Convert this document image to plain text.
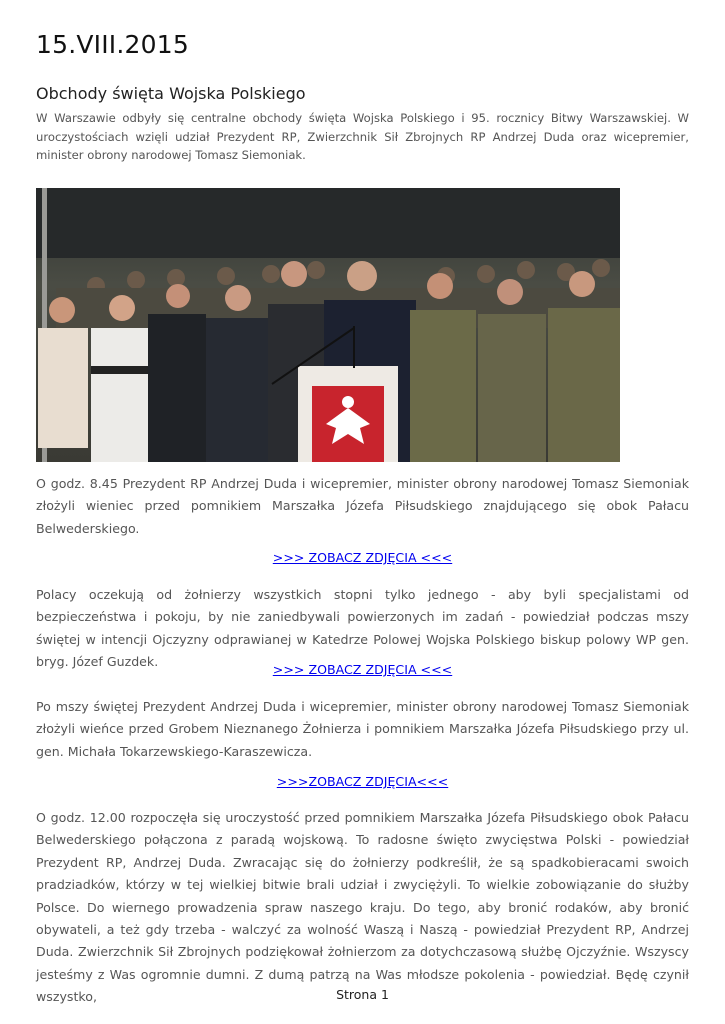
15.VIII.2015
Obchody święta Wojska Polskiego

W Warszawie odbyły się centralne obchody święta Wojska Polskiego i 95. rocznicy Bitwy Warszawskiej. W uroczystościach wzięli udział Prezydent RP, Zwierzchnik Sił Zbrojnych RP Andrzej Duda oraz wicepremier, minister obrony narodowej Tomasz Siemoniak.

O godz. 8.45 Prezydent RP Andrzej Duda i wicepremier, minister obrony narodowej Tomasz Siemoniak złożyli wieniec przed pomnikiem Marszałka Józefa Piłsudskiego znajdującego się obok Pałacu Belwederskiego.

>>> ZOBACZ ZDJĘCIA <<<

Polacy oczekują od żołnierzy wszystkich stopni tylko jednego - aby byli specjalistami od bezpieczeństwa i pokoju, by nie zaniedbywali powierzonych im zadań - powiedział podczas mszy świętej w intencji Ojczyzny odprawianej w Katedrze Polowej Wojska Polskiego biskup polowy WP gen. bryg. Józef Guzdek.

>>> ZOBACZ ZDJĘCIA <<<

Po mszy świętej Prezydent Andrzej Duda i wicepremier, minister obrony narodowej Tomasz Siemoniak złożyli wieńce przed Grobem Nieznanego Żołnierza i pomnikiem Marszałka Józefa Piłsudskiego przy ul. gen. Michała Tokarzewskiego-Karaszewicza.

>>>ZOBACZ ZDJĘCIA<<<

O godz. 12.00 rozpoczęła się uroczystość przed pomnikiem Marszałka Józefa Piłsudskiego obok Pałacu Belwederskiego połączona z paradą wojskową. To radosne święto zwycięstwa Polski - powiedział Prezydent RP, Andrzej Duda. Zwracając się do żołnierzy podkreślił, że są spadkobieracami swoich pradziadków, którzy w tej wielkiej bitwie brali udział i zwyciężyli. To wielkie zobowiązanie do służby Polsce. Do wiernego prowadzenia spraw naszego kraju. Do tego, aby bronić rodaków, aby bronić obywateli, a też gdy trzeba - walczyć za wolność Waszą i Naszą - powiedział Prezydent RP, Andrzej Duda. Zwierzchnik Sił Zbrojnych podziękował żołnierzom za dotychczasową służbę Ojczyźnie. Wszyscy jesteśmy z Was ogromnie dumni. Z dumą patrzą na Was młodsze pokolenia - powiedział. Będę czynił wszystko,	Strona 1
